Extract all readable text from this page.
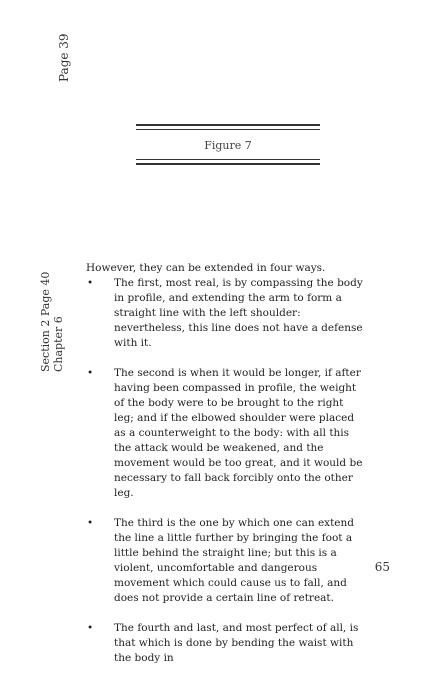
Page 39
Figure 7
Section 2 Page 40
Chapter 6

However, they can be extended in four ways.

• The first, most real, is by compassing the body in profile, and extending the arm to form a straight line with the left shoulder: nevertheless, this line does not have a defense with it.
• The second is when it would be longer, if after having been compassed in profile, the weight of the body were to be brought to the right leg; and if the elbowed shoulder were placed as a counterweight to the body: with all this the attack would be weakened, and the movement would be too great, and it would be necessary to fall back forcibly onto the other leg.
• The third is the one by which one can extend the line a little further by bringing the foot a little behind the straight line; but this is a violent, uncomfortable and dangerous movement which could cause us to fall, and does not provide a certain line of retreat.
• The fourth and last, and most perfect of all, is that which is done by bending the waist with the body in
65
